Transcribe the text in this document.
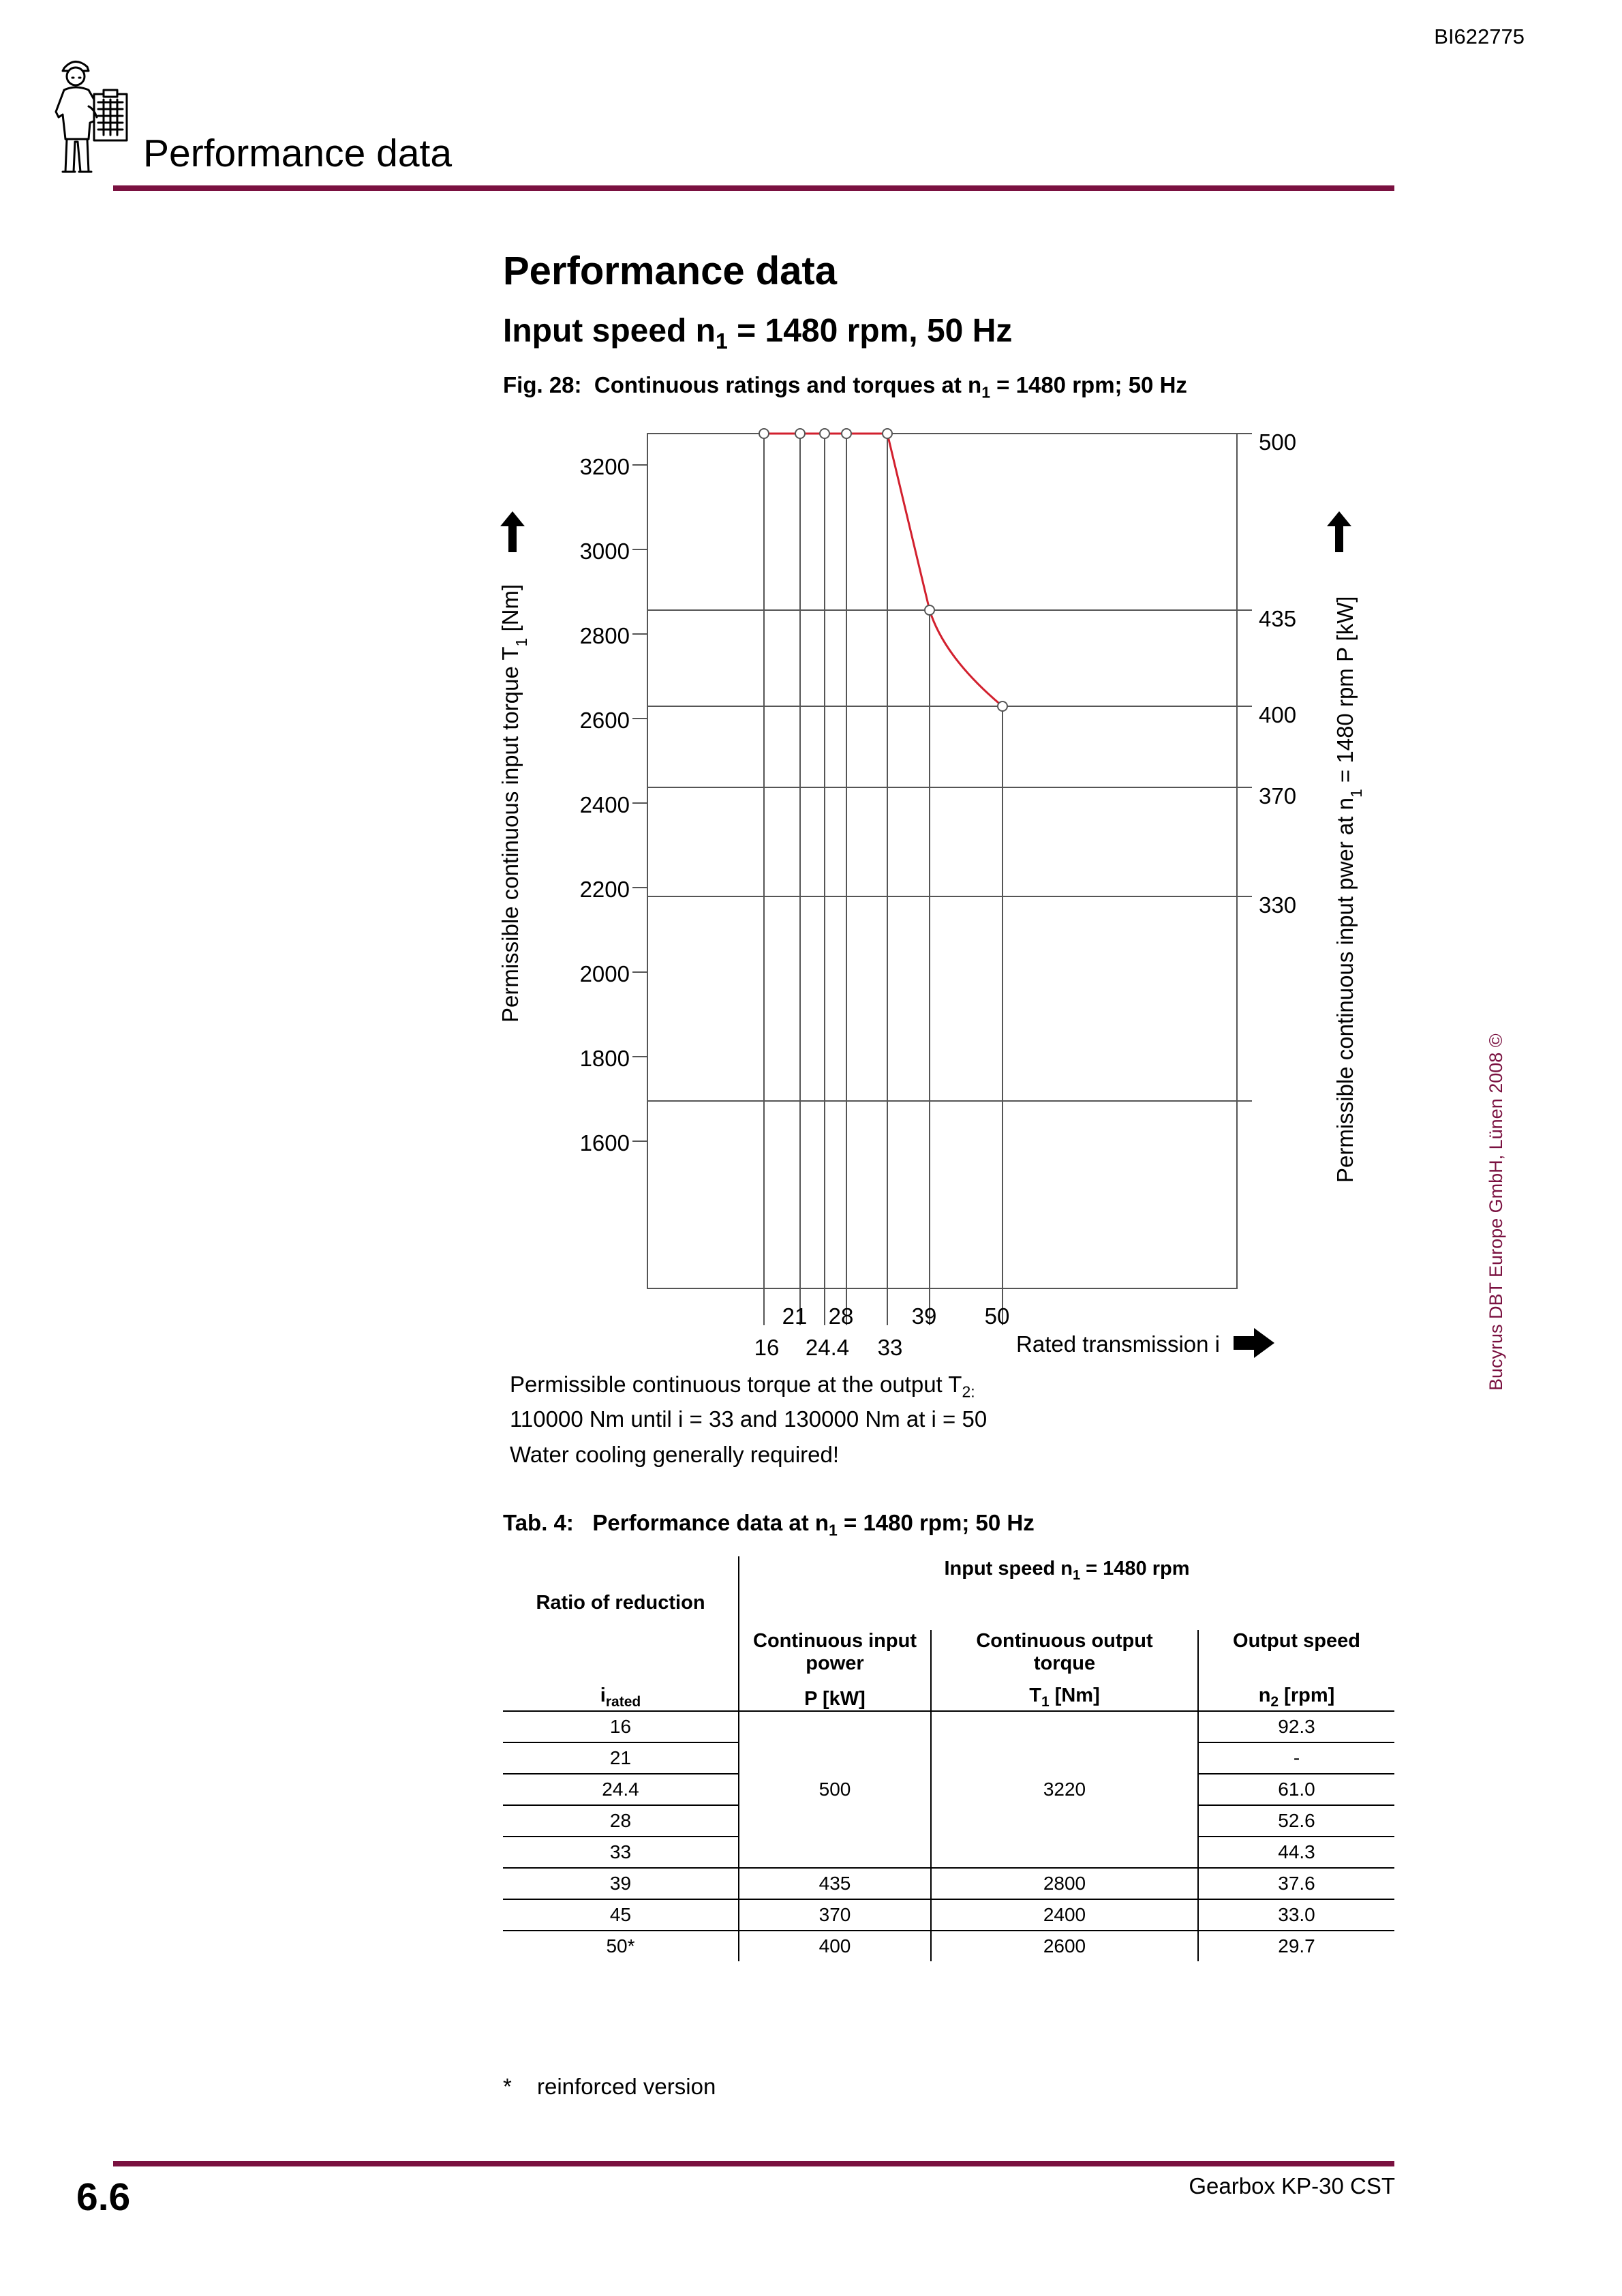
BI622775
Performance data
Performance data
Input speed $n_1 = 1480$ rpm, 50 Hz
Fig. 28: Continuous ratings and torques at $n_1 = 1480$ rpm; 50 Hz
3200
3000
2800
2600
2400
2200
2000
1800
1600
500
435
400
370
330
21 28	39 50
16 24.4 33
Permissible continuous input torque $T_1$ [Nm]
Permissible continuous input pwer at $n_1 = 1480$ rpm P [kW]
Rated transmission i
Permissible continuous torque at the output $T_{2:}$
110000 Nm until i = 33 and 130000 Nm at i = 50
Water cooling generally required!
Tab. 4: Performance data at $n_1 = 1480$ rpm; 50 Hz
Ratio of reduction	Input speed $n_1 = 1480$ rpm		
	Continuous input power	Continuous output torque	Output speed
$i_{rated}$	P [kW]	$T_1$ [Nm]	$n_2$ [rpm]
16	500	3220	92.3
21			-
24.4			61.0
28			52.6
33			44.3
39	435	2800	37.6
45	370	2400	33.0
50*	400	2600	29.7
* reinforced version
6.6	Gearbox KP-30 CST
Bucyrus DBT Europe GmbH, Lünen 2008 ©
